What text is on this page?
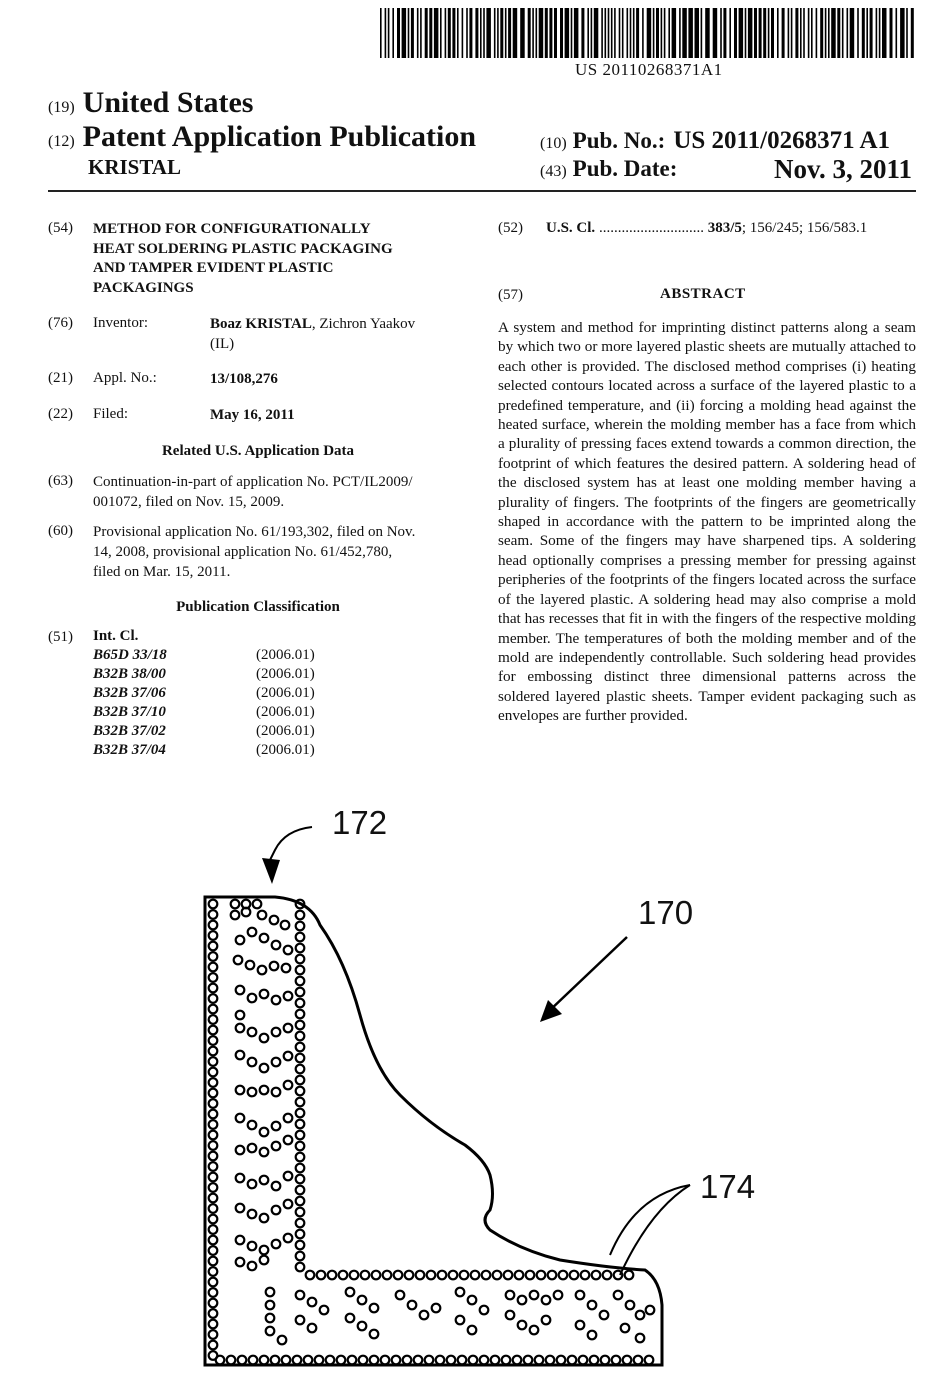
US 20110268371A1
(19) United States
(12) Patent Application Publication
KRISTAL
(10) Pub. No.: US 2011/0268371 A1
(43) Pub. Date:	Nov. 3, 2011
(54) METHOD FOR CONFIGURATIONALLY
HEAT SOLDERING PLASTIC PACKAGING
AND TAMPER EVIDENT PLASTIC
PACKAGINGS
(76) Inventor:	Boaz KRISTAL, Zichron Yaakov
(IL)
(21) Appl. No.:	13/108,276
(22) Filed:	May 16, 2011
Related U.S. Application Data
(63) Continuation-in-part of application No. PCT/IL2009/
001072, filed on Nov. 15, 2009.
(60) Provisional application No. 61/193,302, filed on Nov.
14, 2008, provisional application No. 61/452,780,
filed on Mar. 15, 2011.
Publication Classification
(51) Int. Cl.
B65D 33/18	(2006.01)
B32B 38/00	(2006.01)
B32B 37/06	(2006.01)
B32B 37/10	(2006.01)
B32B 37/02	(2006.01)
B32B 37/04	(2006.01)
(52) U.S. Cl. ............................ 383/5; 156/245; 156/583.1
(57)	ABSTRACT
A system and method for imprinting distinct patterns along a seam by which two or more layered plastic sheets are mutually attached to each other is provided. The disclosed method comprises (i) heating selected contours located across a surface of the layered plastic to a predefined temperature, and (ii) forcing a molding head against the heated surface, wherein the molding member has a face from which a plurality of pressing faces extend towards a common direction, the footprint of which features the desired pattern. A soldering head of the disclosed system has at least one molding member having a plurality of fingers. The footprints of the fingers are geometrically shaped in accordance with the pattern to be imprinted along the seam. Some of the fingers may have sharpened tips. A soldering head optionally comprises a pressing member for pressing against peripheries of the footprints of the fingers located across the surface of the layered plastic. A soldering head may also comprise a mold that has recesses that fit in with the fingers of the respective molding member. The temperatures of both the molding member and of the mold are independently controllable. Such soldering head provides for embossing distinct three dimensional patterns across the soldered layered plastic sheets. Tamper evident packaging such as envelopes are further provided.
172
170
174
